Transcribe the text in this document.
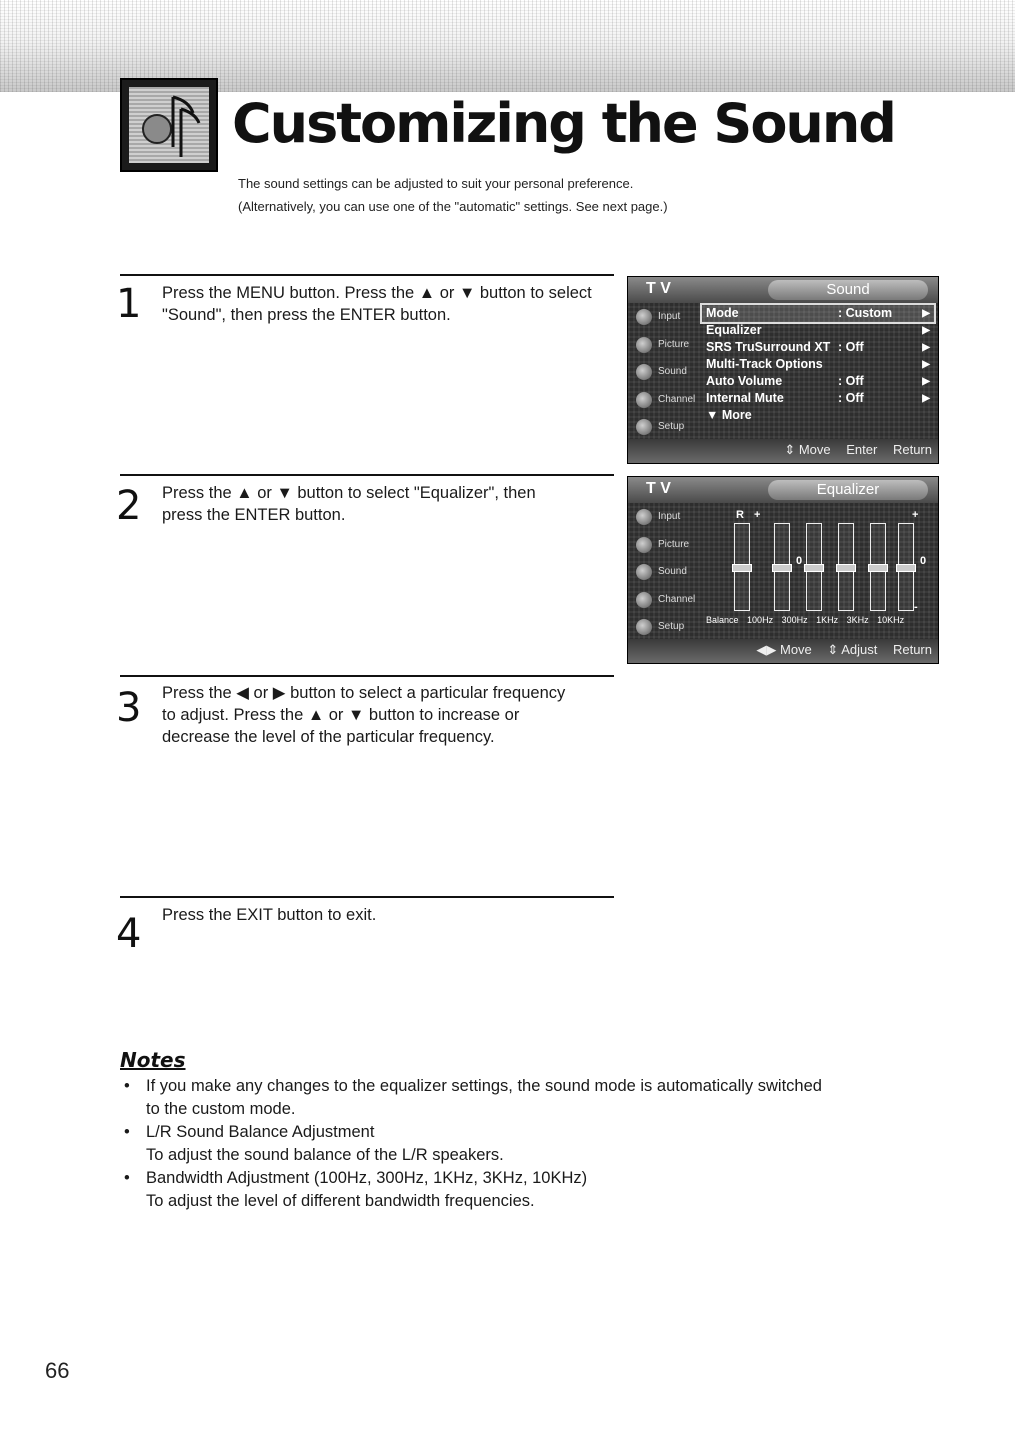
Customizing the Sound
The sound settings can be adjusted to suit your personal preference.
(Alternatively, you can use one of the "automatic" settings. See next page.)
1 Press the MENU button. Press the ▲ or ▼ button to select
"Sound", then press the ENTER button.
2 Press the ▲ or ▼ button to select "Equalizer", then
press the ENTER button.
3 Press the ◀ or ▶ button to select a particular frequency
to adjust. Press the ▲ or ▼ button to increase or
decrease the level of the particular frequency.
4 Press the EXIT button to exit.
T V	Sound
Input
Picture
Sound
Channel
Setup
Mode	: Custom	▶
Equalizer	▶
SRS TruSurround XT : Off	▶
Multi-Track Options	▶
Auto Volume	: Off	▶
Internal Mute	: Off	▶
▼ More
⇕ Move Enter Return
T V	Equalizer
Input
Picture
Sound
Channel
Setup
R +	+
0	0
-
Balance 100Hz 300Hz 1KHz 3KHz 10KHz
◀▶ Move ⇕ Adjust Return
Notes
• If you make any changes to the equalizer settings, the sound mode is automatically switched
to the custom mode.
• L/R Sound Balance Adjustment
To adjust the sound balance of the L/R speakers.
• Bandwidth Adjustment (100Hz, 300Hz, 1KHz, 3KHz, 10KHz)
To adjust the level of different bandwidth frequencies.
66
